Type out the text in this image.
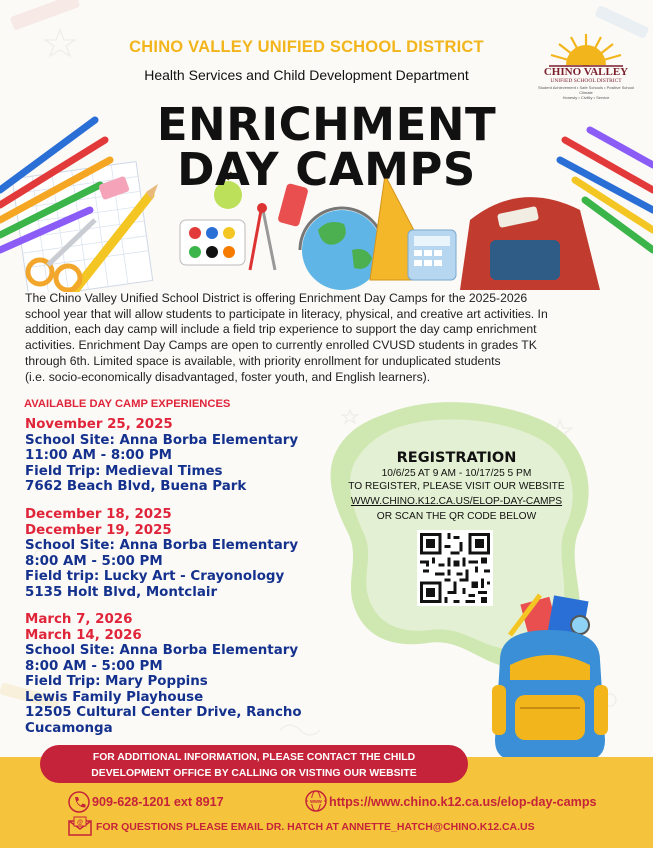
CHINO VALLEY UNIFIED SCHOOL DISTRICT
Health Services and Child Development Department
ENRICHMENT
DAY CAMPS
CHINO VALLEY
UNIFIED SCHOOL DISTRICT
Student Achievement • Safe Schools • Positive School Climate
Honesty • Civility • Service
The Chino Valley Unified School District is offering Enrichment Day Camps for the 2025-2026
school year that will allow students to participate in literacy, physical, and creative art activities. In
addition, each day camp will include a field trip experience to support the day camp enrichment
activities. Enrichment Day Camps are open to currently enrolled CVUSD students in grades TK
through 6th. Limited space is available, with priority enrollment for unduplicated students
(i.e. socio-economically disadvantaged, foster youth, and English learners).
AVAILABLE DAY CAMP EXPERIENCES
November 25, 2025
School Site: Anna Borba Elementary
11:00 AM - 8:00 PM
Field Trip: Medieval Times
7662 Beach Blvd, Buena Park
December 18, 2025
December 19, 2025
School Site: Anna Borba Elementary
8:00 AM - 5:00 PM
Field trip: Lucky Art - Crayonology
5135 Holt Blvd, Montclair
March 7, 2026
March 14, 2026
School Site: Anna Borba Elementary
8:00 AM - 5:00 PM
Field Trip: Mary Poppins
Lewis Family Playhouse
12505 Cultural Center Drive, Rancho
Cucamonga
REGISTRATION
10/6/25 AT 9 AM - 10/17/25 5 PM
TO REGISTER, PLEASE VISIT OUR WEBSITE
WWW.CHINO.K12.CA.US/ELOP-DAY-CAMPS
OR SCAN THE QR CODE BELOW
FOR ADDITIONAL INFORMATION, PLEASE CONTACT THE CHILD
DEVELOPMENT OFFICE BY CALLING OR VISTING OUR WEBSITE
909-628-1201 ext 8917	www https://www.chino.k12.ca.us/elop-day-camps
@ FOR QUESTIONS PLEASE EMAIL DR. HATCH AT ANNETTE_HATCH@CHINO.K12.CA.US
